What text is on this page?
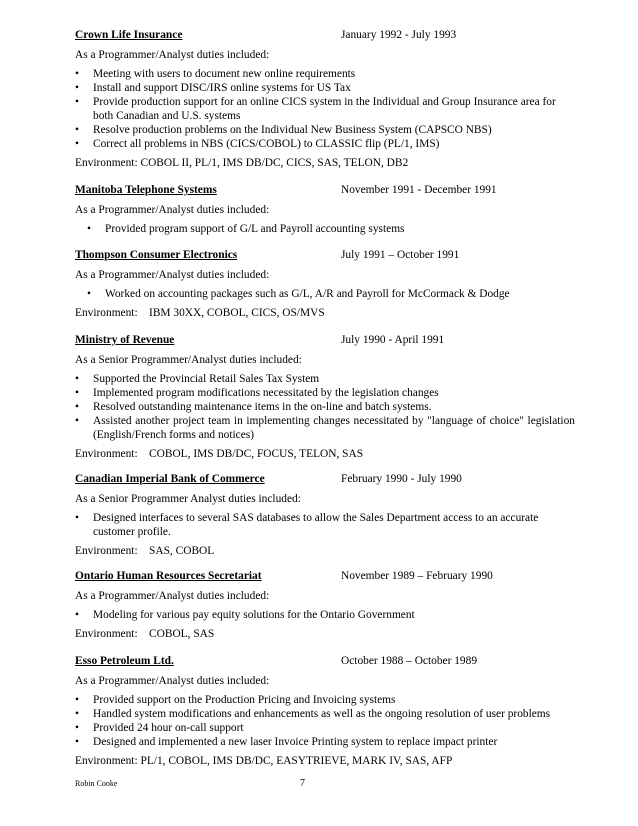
Crown Life Insurance	January 1992 - July 1993
As a Programmer/Analyst duties included:
• Meeting with users to document new online requirements
• Install and support DISC/IRS online systems for US Tax
• Provide production support for an online CICS system in the Individual and Group Insurance area for both Canadian and U.S. systems
• Resolve production problems on the Individual New Business System (CAPSCO NBS)
• Correct all problems in NBS (CICS/COBOL) to CLASSIC flip (PL/1, IMS)
Environment: COBOL II, PL/1, IMS DB/DC, CICS, SAS, TELON, DB2
Manitoba Telephone Systems	November 1991 - December 1991
As a Programmer/Analyst duties included:
• Provided program support of G/L and Payroll accounting systems
Thompson Consumer Electronics	July 1991 – October 1991
As a Programmer/Analyst duties included:
• Worked on accounting packages such as G/L, A/R and Payroll for McCormack & Dodge
Environment:    IBM 30XX, COBOL, CICS, OS/MVS
Ministry of Revenue	July 1990 - April 1991
As a Senior Programmer/Analyst duties included:
• Supported the Provincial Retail Sales Tax System
• Implemented program modifications necessitated by the legislation changes
• Resolved outstanding maintenance items in the on-line and batch systems.
• Assisted another project team in implementing changes necessitated by "language of choice" legislation (English/French forms and notices)
Environment:    COBOL, IMS DB/DC, FOCUS, TELON, SAS
Canadian Imperial Bank of Commerce	February 1990 - July 1990
As a Senior Programmer Analyst duties included:
• Designed interfaces to several SAS databases to allow the Sales Department access to an accurate customer profile.
Environment:    SAS, COBOL
Ontario Human Resources Secretariat	November 1989 – February 1990
As a Programmer/Analyst duties included:
• Modeling for various pay equity solutions for the Ontario Government
Environment:    COBOL, SAS
Esso Petroleum Ltd.	October 1988 – October 1989
As a Programmer/Analyst duties included:
• Provided support on the Production Pricing and Invoicing systems
• Handled system modifications and enhancements as well as the ongoing resolution of user problems
• Provided 24 hour on-call support
• Designed and implemented a new laser Invoice Printing system to replace impact printer
Environment: PL/1, COBOL, IMS DB/DC, EASYTRIEVE, MARK IV, SAS, AFP
Robin Cooke	7
